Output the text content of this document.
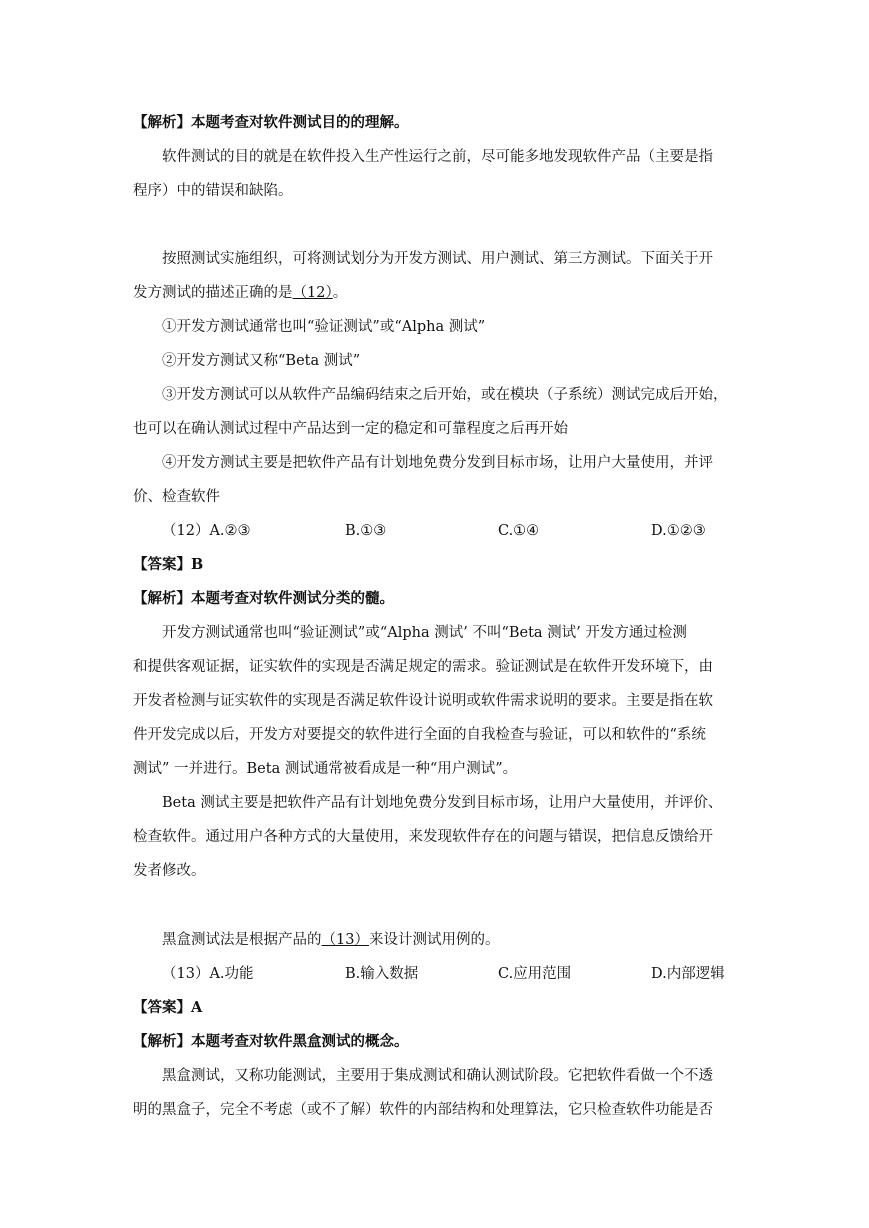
【解析】本题考查对软件测试目的的理解。
软件测试的目的就是在软件投入生产性运行之前，尽可能多地发现软件产品（主要是指
程序）中的错误和缺陷。
按照测试实施组织，可将测试划分为开发方测试、用户测试、第三方测试。下面关于开
发方测试的描述正确的是（12）。
①开发方测试通常也叫“验证测试”或“Alpha 测试”
②开发方测试又称“Beta 测试”
③开发方测试可以从软件产品编码结束之后开始，或在模块（子系统）测试完成后开始，
也可以在确认测试过程中产品达到一定的稳定和可靠程度之后再开始
④开发方测试主要是把软件产品有计划地免费分发到目标市场，让用户大量使用，并评
价、检查软件
（12）A.②③	B.①③	C.①④	D.①②③
【答案】B
【解析】本题考查对软件测试分类的髓。
开发方测试通常也叫“验证测试”或“Alpha 测试’ 不叫“Beta 测试’ 开发方通过检测
和提供客观证据，证实软件的实现是否满足规定的需求。验证测试是在软件开发环境下，由
开发者检测与证实软件的实现是否满足软件设计说明或软件需求说明的要求。主要是指在软
件开发完成以后，开发方对要提交的软件进行全面的自我检查与验证，可以和软件的“系统
测试” 一并进行。Beta 测试通常被看成是一种“用户测试”。
Beta 测试主要是把软件产品有计划地免费分发到目标市场，让用户大量使用，并评价、
检查软件。通过用户各种方式的大量使用，来发现软件存在的问题与错误，把信息反馈给开
发者修改。
黑盒测试法是根据产品的（13）来设计测试用例的。
（13）A.功能	B.输入数据	C.应用范围	D.内部逻辑
【答案】A
【解析】本题考查对软件黑盒测试的概念。
黑盒测试，又称功能测试，主要用于集成测试和确认测试阶段。它把软件看做一个不透
明的黑盒子，完全不考虑（或不了解）软件的内部结构和处理算法，它只检查软件功能是否
